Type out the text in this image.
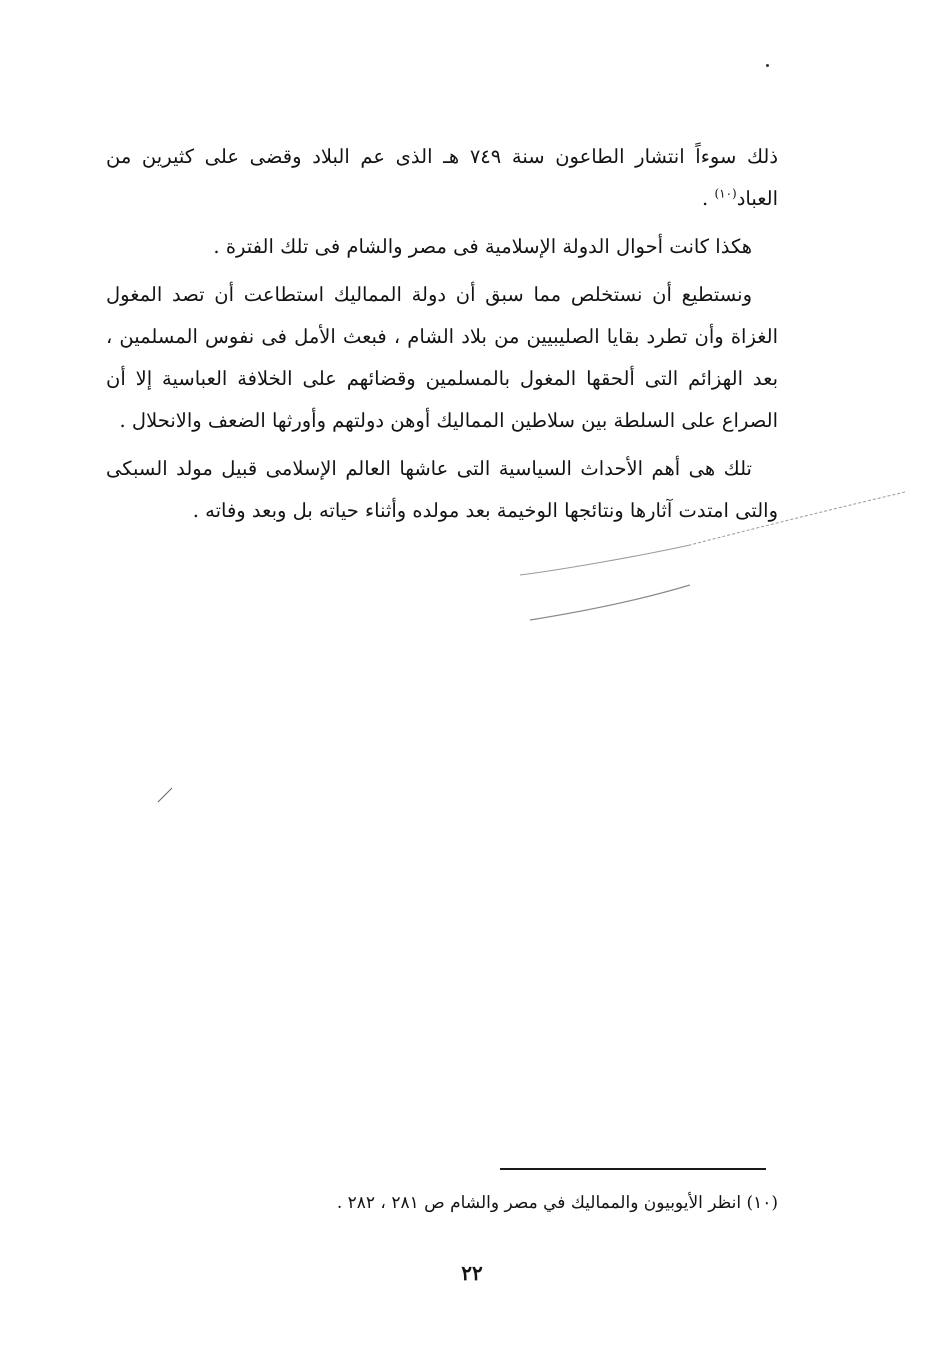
ذلك سوءاً انتشار الطاعون سنة ٧٤٩ هـ الذى عم البلاد وقضى على كثيرين من العباد$^{(١٠)}$ .

هكذا كانت أحوال الدولة الإسلامية فى مصر والشام فى تلك الفترة .

ونستطيع أن نستخلص مما سبق أن دولة المماليك استطاعت أن تصد المغول الغزاة وأن تطرد بقايا الصليبيين من بلاد الشام ، فبعث الأمل فى نفوس المسلمين ، بعد الهزائم التى ألحقها المغول بالمسلمين وقضائهم على الخلافة العباسية إلا أن الصراع على السلطة بين سلاطين المماليك أوهن دولتهم وأورثها الضعف والانحلال .

تلك هى أهم الأحداث السياسية التى عاشها العالم الإسلامى قبيل مولد السبكى والتى امتدت آثارها ونتائجها الوخيمة بعد مولده وأثناء حياته بل وبعد وفاته .

(١٠) انظر الأيوبيون والمماليك في مصر والشام ص ٢٨١ ، ٢٨٢ .
٢٢
